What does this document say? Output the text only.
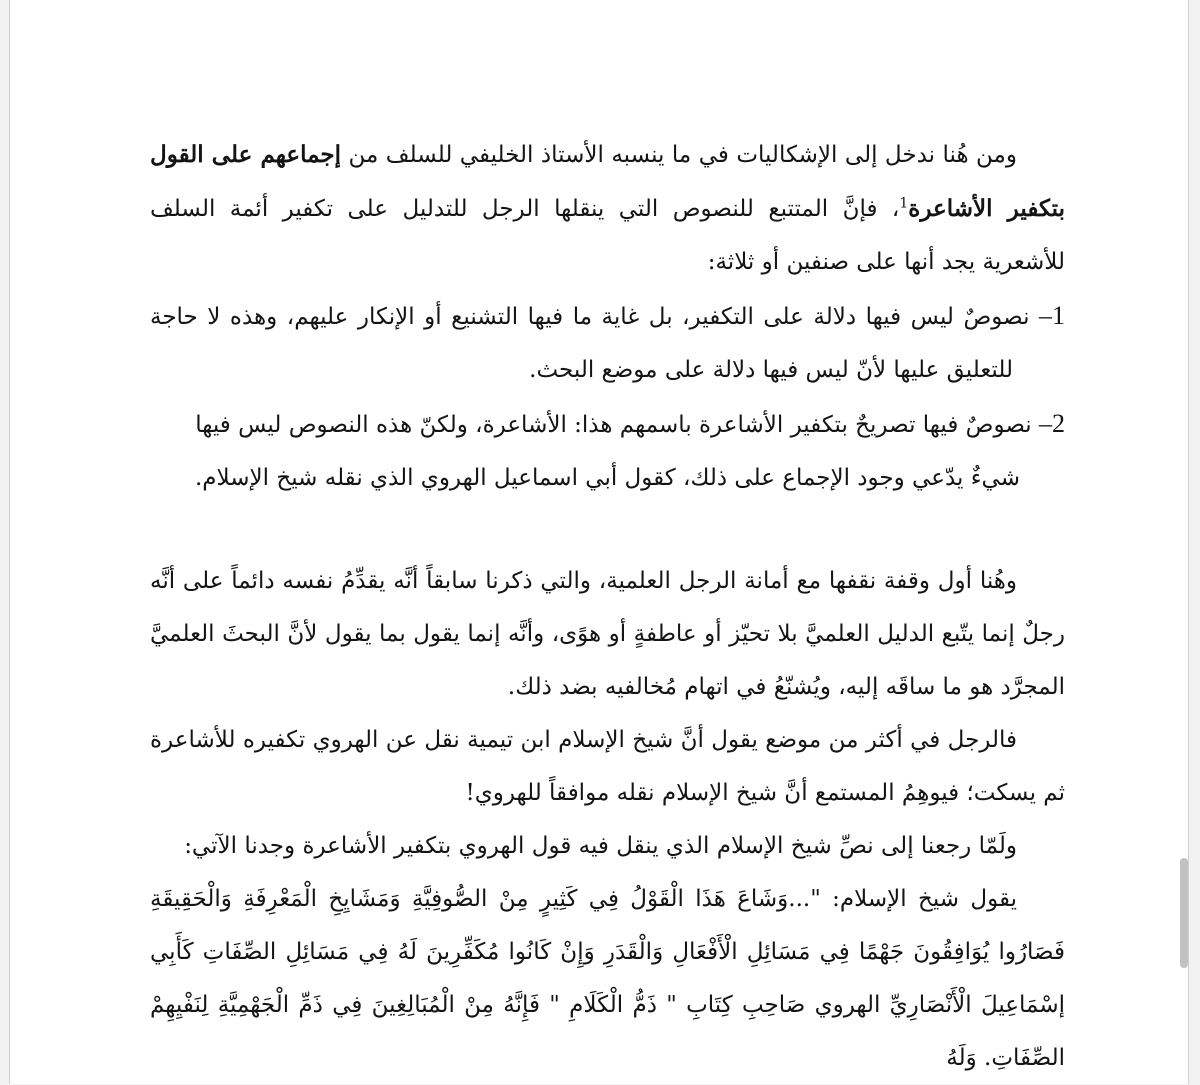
ومن هُنا ندخل إلى الإشكاليات في ما ينسبه الأستاذ الخليفي للسلف من إجماعهم على القول بتكفير الأشاعرة$^1$، فإنَّ المتتبع للنصوص التي ينقلها الرجل للتدليل على تكفير أئمة السلف للأشعرية يجد أنها على صنفين أو ثلاثة:

1– نصوصٌ ليس فيها دلالة على التكفير، بل غاية ما فيها التشنيع أو الإنكار عليهم، وهذه لا حاجة للتعليق عليها لأنّ ليس فيها دلالة على موضع البحث.

2– نصوصٌ فيها تصريحٌ بتكفير الأشاعرة باسمهم هذا: الأشاعرة، ولكنّ هذه النصوص ليس فيها

شيءٌ يدّعي وجود الإجماع على ذلك، كقول أبي اسماعيل الهروي الذي نقله شيخ الإسلام.

وهُنا أول وقفة نقفها مع أمانة الرجل العلمية، والتي ذكرنا سابقاً أنَّه يقدِّمُ نفسه دائماً على أنَّه رجلٌ إنما يتّبع الدليل العلميَّ بلا تحيّز أو عاطفةٍ أو هوًى، وأنَّه إنما يقول بما يقول لأنَّ البحثَ العلميَّ المجرَّد هو ما ساقَه إليه، ويُشنّعُ في اتهام مُخالفيه بضد ذلك.

فالرجل في أكثر من موضع يقول أنَّ شيخ الإسلام ابن تيمية نقل عن الهروي تكفيره للأشاعرة ثم يسكت؛ فيوهِمُ المستمع أنَّ شيخ الإسلام نقله موافقاً للهروي!

ولَمّا رجعنا إلى نصِّ شيخ الإسلام الذي ينقل فيه قول الهروي بتكفير الأشاعرة وجدنا الآتي:

يقول شيخ الإسلام: "...وَشَاعَ هَذَا الْقَوْلُ فِي كَثِيرٍ مِنْ الصُّوفِيَّةِ وَمَشَايِخِ الْمَعْرِفَةِ وَالْحَقِيقَةِ فَصَارُوا يُوَافِقُونَ جَهْمًا فِي مَسَائِلِ الْأَفْعَالِ وَالْقَدَرِ وَإِنْ كَانُوا مُكَفِّرِينَ لَهُ فِي مَسَائِلِ الصِّفَاتِ كَأَبِي إسْمَاعِيلَ الْأَنْصَارِيِّ الهروي صَاحِبِ كِتَابِ " ذَمُّ الْكَلَامِ " فَإِنَّهُ مِنْ الْمُبَالِغِينَ فِي ذَمِّ الْجَهْمِيَّةِ لِنَفْيِهِمْ الصِّفَاتِ. وَلَهُ
